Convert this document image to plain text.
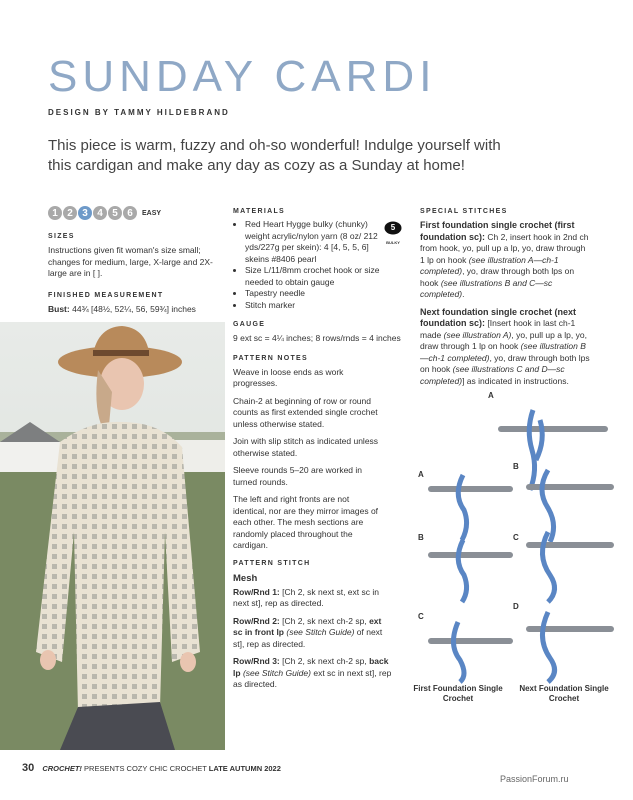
SUNDAY CARDI
DESIGN BY TAMMY HILDEBRAND
This piece is warm, fuzzy and oh-so wonderful! Indulge yourself with this cardigan and make any day as cozy as a Sunday at home!
1 2 3 4 5 6	EASY
SIZES
Instructions given fit woman's size small; changes for medium, large, X-large and 2X-large are in [ ].
FINISHED MEASUREMENT
Bust: 44¾ [48½, 52¼, 56, 59¾] inches
MATERIALS
5
BULKY
• Red Heart Hygge bulky (chunky) weight acrylic/nylon yarn (8 oz/ 212 yds/227g per skein): 4 [4, 5, 5, 6] skeins #8406 pearl
• Size L/11/8mm crochet hook or size needed to obtain gauge
• Tapestry needle
• Stitch marker
GAUGE
9 ext sc = 4¼ inches; 8 rows/rnds = 4 inches
PATTERN NOTES
Weave in loose ends as work progresses.
Chain-2 at beginning of row or round counts as first extended single crochet unless otherwise stated.
Join with slip stitch as indicated unless otherwise stated.
Sleeve rounds 5–20 are worked in turned rounds.
The left and right fronts are not identical, nor are they mirror images of each other. The mesh sections are randomly placed throughout the cardigan.
PATTERN STITCH
Mesh
Row/Rnd 1: [Ch 2, sk next st, ext sc in next st], rep as directed.
Row/Rnd 2: [Ch 2, sk next ch-2 sp, ext sc in front lp (see Stitch Guide) of next st], rep as directed.
Row/Rnd 3: [Ch 2, sk next ch-2 sp, back lp (see Stitch Guide) ext sc in next st], rep as directed.
SPECIAL STITCHES
First foundation single crochet (first foundation sc): Ch 2, insert hook in 2nd ch from hook, yo, pull up a lp, yo, draw through 1 lp on hook (see illustration A—ch-1 completed), yo, draw through both lps on hook (see illustrations B and C—sc completed).
Next foundation single crochet (next foundation sc): [Insert hook in last ch-1 made (see illustration A), yo, pull up a lp, yo, draw through 1 lp on hook (see illustration B—ch-1 completed), yo, draw through both lps on hook (see illustrations C and D—sc completed)] as indicated in instructions.
A
A
B
B	C
C
D
First Foundation Single Crochet
Next Foundation Single Crochet
30 CROCHET! PRESENTS COZY CHIC CROCHET LATE AUTUMN 2022
PassionForum.ru
